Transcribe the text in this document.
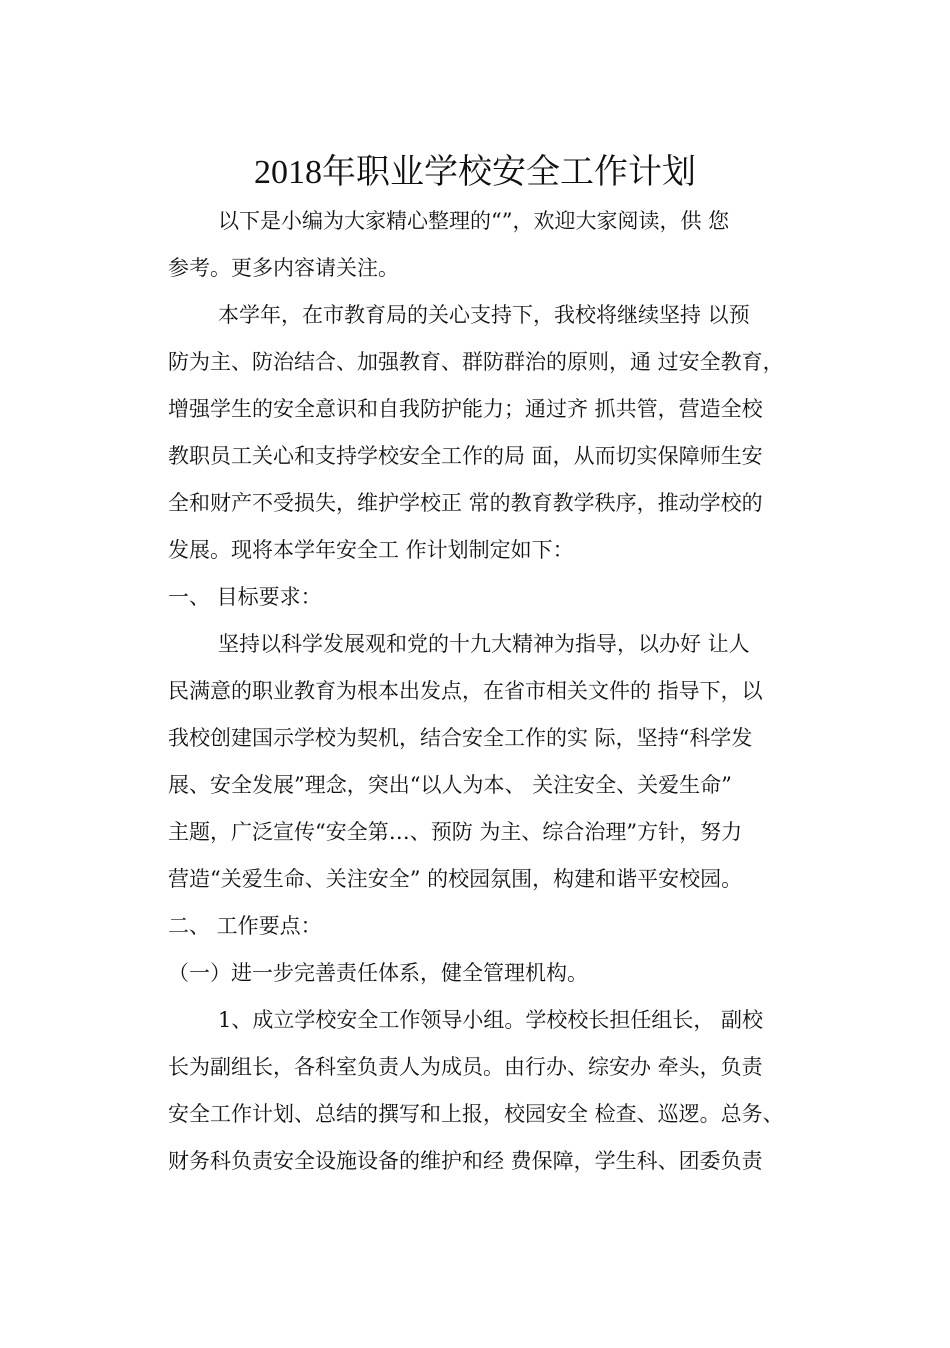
2018年职业学校安全工作计划
以下是小编为大家精心整理的“”，欢迎大家阅读，供 您
参考。更多内容请关注。
本学年，在市教育局的关心支持下，我校将继续坚持 以预
防为主、防治结合、加强教育、群防群治的原则，通 过安全教育，
增强学生的安全意识和自我防护能力；通过齐 抓共管，营造全校
教职员工关心和支持学校安全工作的局 面，从而切实保障师生安
全和财产不受损失，维护学校正 常的教育教学秩序，推动学校的
发展。现将本学年安全工 作计划制定如下：
一、 目标要求：
坚持以科学发展观和党的十九大精神为指导，以办好 让人
民满意的职业教育为根本出发点，在省市相关文件的 指导下，以
我校创建国示学校为契机，结合安全工作的实 际，坚持“科学发
展、安全发展”理念，突出“以人为本、 关注安全、关爱生命”
主题，广泛宣传“安全第…、预防 为主、综合治理”方针，努力
营造“关爱生命、关注安全” 的校园氛围，构建和谐平安校园。
二、 工作要点：
（一）进一步完善责任体系，健全管理机构。
1、成立学校安全工作领导小组。学校校长担任组长， 副校
长为副组长，各科室负责人为成员。由行办、综安办 牵头，负责
安全工作计划、总结的撰写和上报，校园安全 检查、巡逻。总务、
财务科负责安全设施设备的维护和经 费保障，学生科、团委负责
